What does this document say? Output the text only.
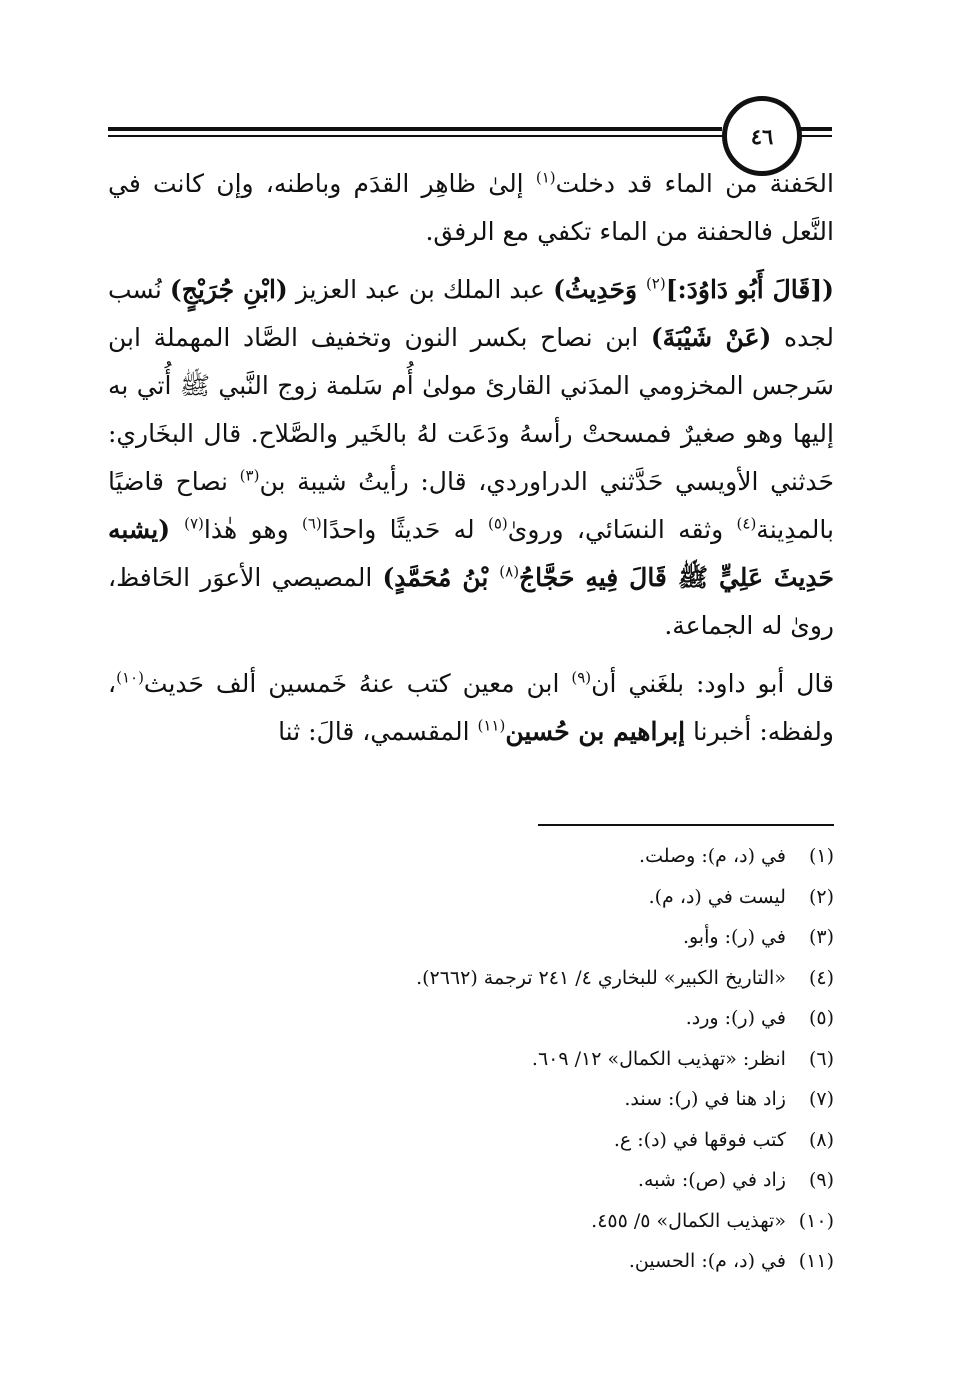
٤٦

الحَفنة من الماء قد دخلت$^{(١)}$ إلىٰ ظاهِر القدَم وباطنه، وإن كانت في النَّعل فالحفنة من الماء تكفي مع الرفق.

([قَالَ أَبُو دَاوُدَ:]$^{(٢)}$ وَحَدِيثُ) عبد الملك بن عبد العزيز (ابْنِ جُرَيْجٍ) نُسب لجده (عَنْ شَيْبَةَ) ابن نصاح بكسر النون وتخفيف الصَّاد المهملة ابن سَرجس المخزومي المدَني القارئ مولىٰ أُم سَلمة زوج النَّبي ﷺ أُتي به إليها وهو صغيرٌ فمسحتْ رأسهُ ودَعَت لهُ بالخَير والصَّلاح. قال البخَاري: حَدثني الأويسي حَدَّثني الدراوردي، قال: رأيتُ شيبة بن$^{(٣)}$ نصاح قاضيًا بالمدِينة$^{(٤)}$ وثقه النسَائي، وروىٰ$^{(٥)}$ له حَديثًا واحدًا$^{(٦)}$ وهو هٰذا$^{(٧)}$ (يشبه حَدِيثَ عَلِيٍّ ﷺ قَالَ فِيهِ حَجَّاجُ$^{(٨)}$ بْنُ مُحَمَّدٍ) المصيصي الأعوَر الحَافظ، روىٰ له الجماعة.

قال أبو داود: بلغَني أن$^{(٩)}$ ابن معين كتب عنهُ خَمسين ألف حَديث$^{(١٠)}$، ولفظه: أخبرنا إبراهيم بن حُسين$^{(١١)}$ المقسمي، قالَ: ثنا

(١) في (د، م): وصلت.
(٢) ليست في (د، م).
(٣) في (ر): وأبو.
(٤) «التاريخ الكبير» للبخاري ٤/ ٢٤١ ترجمة (٢٦٦٢).
(٥) في (ر): ورد.
(٦) انظر: «تهذيب الكمال» ١٢/ ٦٠٩.
(٧) زاد هنا في (ر): سند.
(٨) كتب فوقها في (د): ع.
(٩) زاد في (ص): شبه.
(١٠) «تهذيب الكمال» ٥/ ٤٥٥.
(١١) في (د، م): الحسين.
